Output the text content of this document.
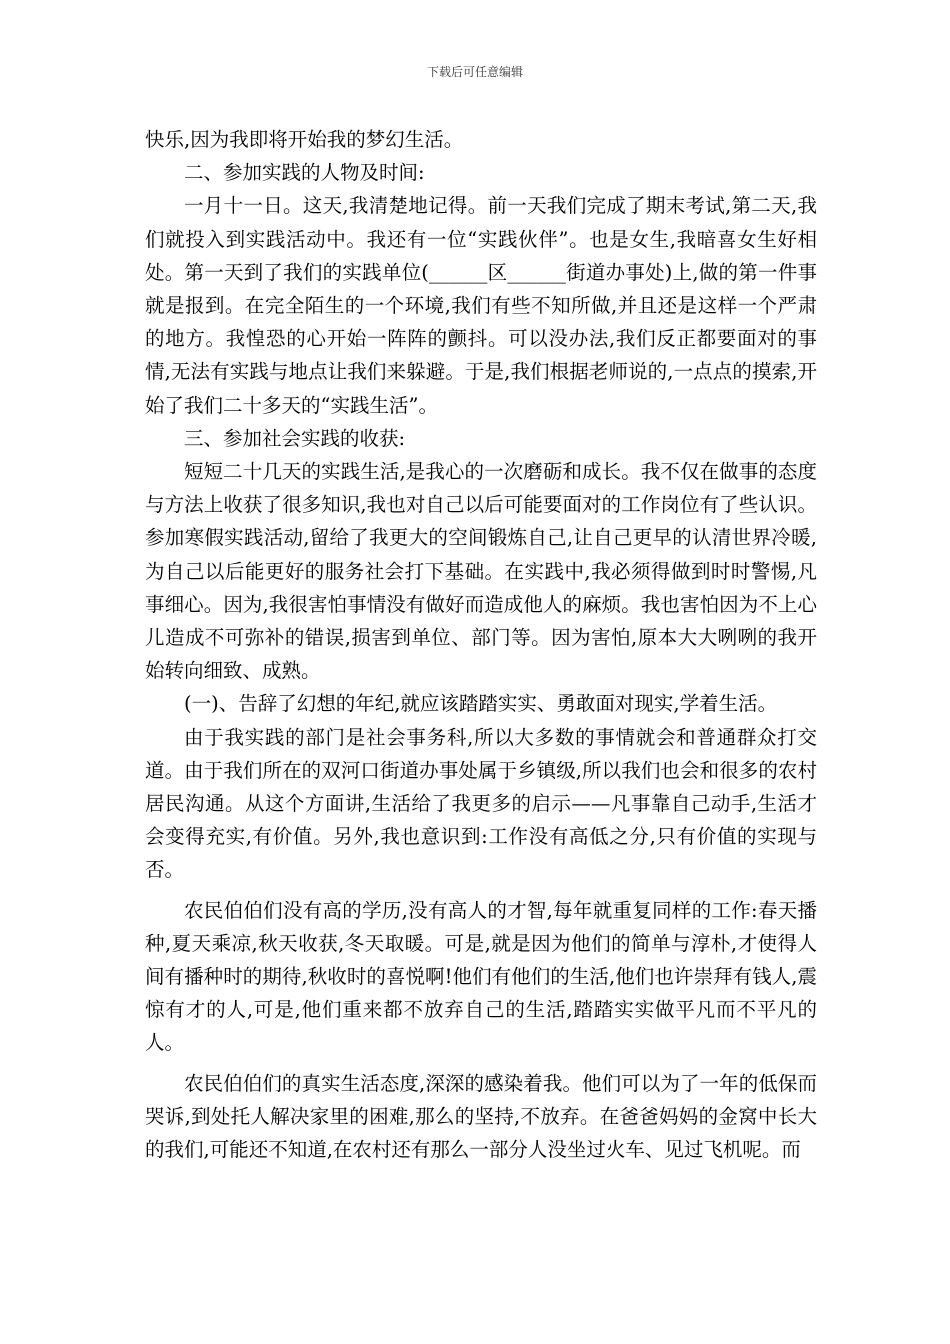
下载后可任意编辑

快乐,因为我即将开始我的梦幻生活。

二、参加实践的人物及时间:

一月十一日。这天,我清楚地记得。前一天我们完成了期末考试,第二天,我们就投入到实践活动中。我还有一位“实践伙伴”。也是女生,我暗喜女生好相处。第一天到了我们的实践单位(______区______街道办事处)上,做的第一件事就是报到。在完全陌生的一个环境,我们有些不知所做,并且还是这样一个严肃的地方。我惶恐的心开始一阵阵的颤抖。可以没办法,我们反正都要面对的事情,无法有实践与地点让我们来躲避。于是,我们根据老师说的,一点点的摸索,开始了我们二十多天的“实践生活”。

三、参加社会实践的收获:

短短二十几天的实践生活,是我心的一次磨砺和成长。我不仅在做事的态度与方法上收获了很多知识,我也对自己以后可能要面对的工作岗位有了些认识。参加寒假实践活动,留给了我更大的空间锻炼自己,让自己更早的认清世界冷暖,为自己以后能更好的服务社会打下基础。在实践中,我必须得做到时时警惕,凡事细心。因为,我很害怕事情没有做好而造成他人的麻烦。我也害怕因为不上心儿造成不可弥补的错误,损害到单位、部门等。因为害怕,原本大大咧咧的我开始转向细致、成熟。

(一)、告辞了幻想的年纪,就应该踏踏实实、勇敢面对现实,学着生活。

由于我实践的部门是社会事务科,所以大多数的事情就会和普通群众打交道。由于我们所在的双河口街道办事处属于乡镇级,所以我们也会和很多的农村居民沟通。从这个方面讲,生活给了我更多的启示——凡事靠自己动手,生活才会变得充实,有价值。另外,我也意识到:工作没有高低之分,只有价值的实现与否。

农民伯伯们没有高的学历,没有高人的才智,每年就重复同样的工作:春天播种,夏天乘凉,秋天收获,冬天取暖。可是,就是因为他们的简单与淳朴,才使得人间有播种时的期待,秋收时的喜悦啊!他们有他们的生活,他们也许崇拜有钱人,震惊有才的人,可是,他们重来都不放弃自己的生活,踏踏实实做平凡而不平凡的人。

农民伯伯们的真实生活态度,深深的感染着我。他们可以为了一年的低保而哭诉,到处托人解决家里的困难,那么的坚持,不放弃。在爸爸妈妈的金窝中长大的我们,可能还不知道,在农村还有那么一部分人没坐过火车、见过飞机呢。而
